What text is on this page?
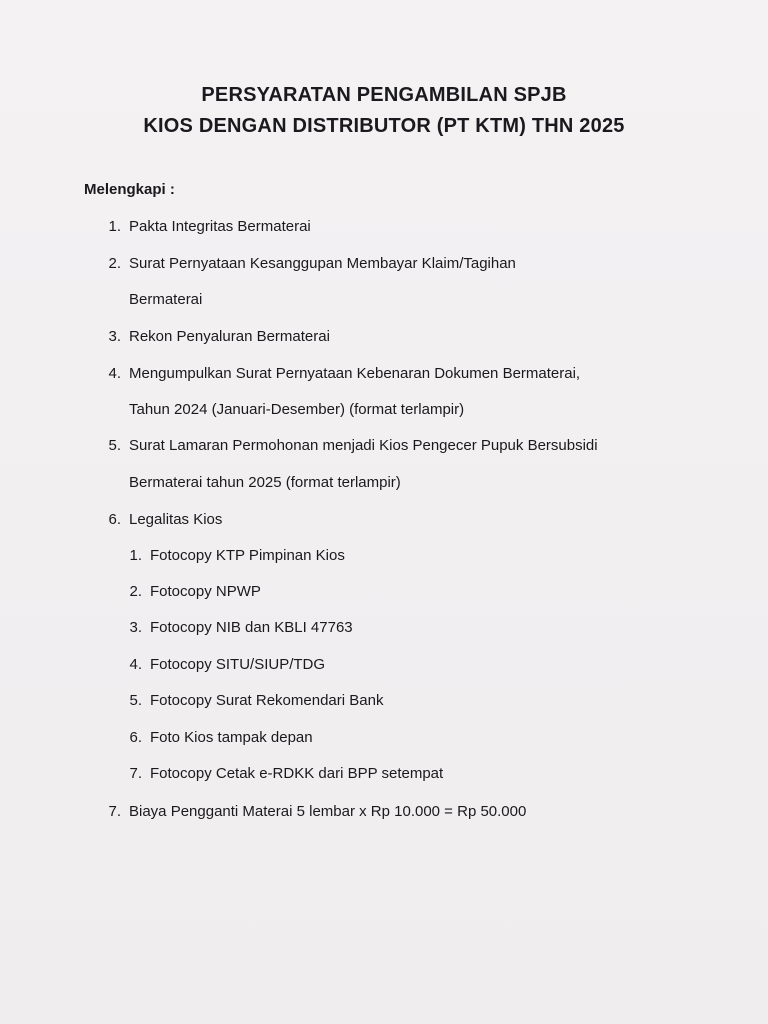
PERSYARATAN PENGAMBILAN SPJB
KIOS DENGAN DISTRIBUTOR (PT KTM) THN 2025
Melengkapi :
1. Pakta Integritas Bermaterai
2. Surat Pernyataan Kesanggupan Membayar Klaim/Tagihan
Bermaterai
3. Rekon Penyaluran Bermaterai
4. Mengumpulkan Surat Pernyataan Kebenaran Dokumen Bermaterai,
Tahun 2024 (Januari-Desember) (format terlampir)
5. Surat Lamaran Permohonan menjadi Kios Pengecer Pupuk Bersubsidi
Bermaterai tahun 2025 (format terlampir)
6. Legalitas Kios
1. Fotocopy KTP Pimpinan Kios
2. Fotocopy NPWP
3. Fotocopy NIB dan KBLI 47763
4. Fotocopy SITU/SIUP/TDG
5. Fotocopy Surat Rekomendari Bank
6. Foto Kios tampak depan
7. Fotocopy Cetak e-RDKK dari BPP setempat
7. Biaya Pengganti Materai 5 lembar x Rp 10.000 = Rp 50.000
